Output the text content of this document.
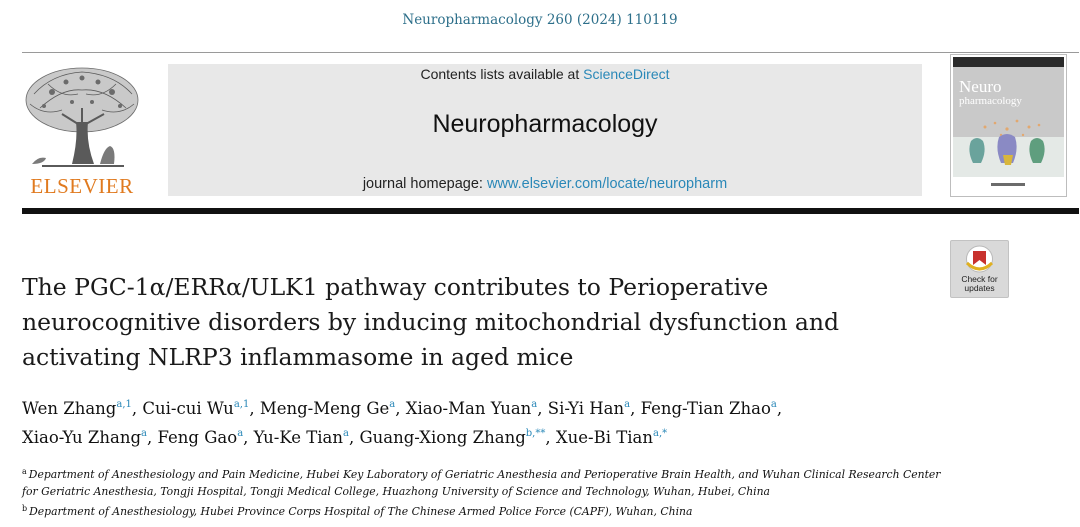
Neuropharmacology 260 (2024) 110119
ELSEVIER
Contents lists available at ScienceDirect
Neuropharmacology
journal homepage: www.elsevier.com/locate/neuropharm
Neuro
pharmacology
Check for
updates
The PGC-1α/ERRα/ULK1 pathway contributes to Perioperative
neurocognitive disorders by inducing mitochondrial dysfunction and
activating NLRP3 inflammasome in aged mice
Wen Zhang$^{a,1}$, Cui-cui Wu$^{a,1}$, Meng-Meng Ge$^a$, Xiao-Man Yuan$^a$, Si-Yi Han$^a$, Feng-Tian Zhao$^a$,
Xiao-Yu Zhang$^a$, Feng Gao$^a$, Yu-Ke Tian$^a$, Guang-Xiong Zhang$^{b,**}$, Xue-Bi Tian$^{a,*}$
$^a$ Department of Anesthesiology and Pain Medicine, Hubei Key Laboratory of Geriatric Anesthesia and Perioperative Brain Health, and Wuhan Clinical Research Center
for Geriatric Anesthesia, Tongji Hospital, Tongji Medical College, Huazhong University of Science and Technology, Wuhan, Hubei, China
$^b$ Department of Anesthesiology, Hubei Province Corps Hospital of The Chinese Armed Police Force (CAPF), Wuhan, China
